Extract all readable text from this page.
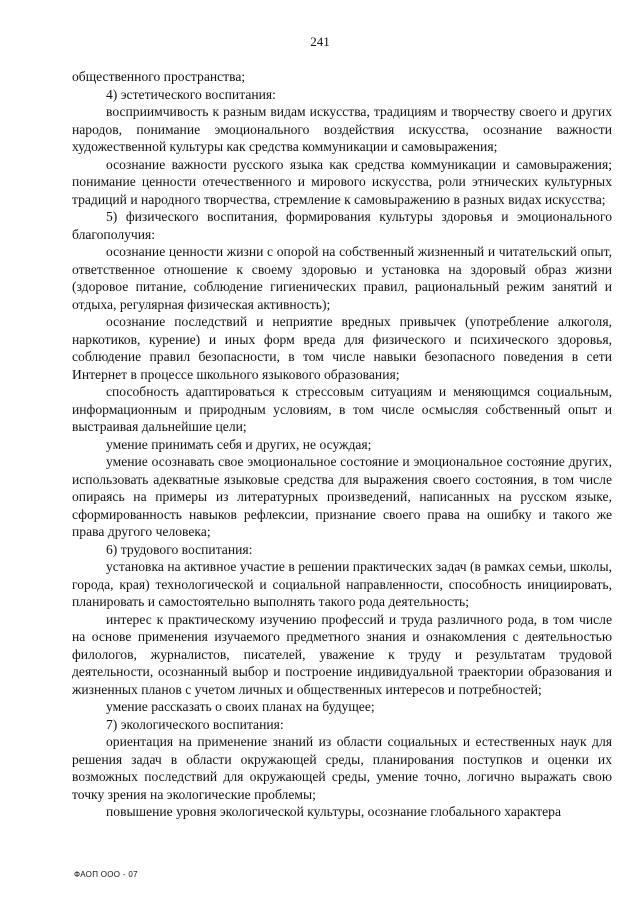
241

общественного пространства;

4) эстетического воспитания:

восприимчивость к разным видам искусства, традициям и творчеству своего и других народов, понимание эмоционального воздействия искусства, осознание важности художественной культуры как средства коммуникации и самовыражения;

осознание важности русского языка как средства коммуникации и самовыражения; понимание ценности отечественного и мирового искусства, роли этнических культурных традиций и народного творчества, стремление к самовыражению в разных видах искусства;

5) физического воспитания, формирования культуры здоровья и эмоционального благополучия:

осознание ценности жизни с опорой на собственный жизненный и читательский опыт, ответственное отношение к своему здоровью и установка на здоровый образ жизни (здоровое питание, соблюдение гигиенических правил, рациональный режим занятий и отдыха, регулярная физическая активность);

осознание последствий и неприятие вредных привычек (употребление алкоголя, наркотиков, курение) и иных форм вреда для физического и психического здоровья, соблюдение правил безопасности, в том числе навыки безопасного поведения в сети Интернет в процессе школьного языкового образования;

способность адаптироваться к стрессовым ситуациям и меняющимся социальным, информационным и природным условиям, в том числе осмысляя собственный опыт и выстраивая дальнейшие цели;

умение принимать себя и других, не осуждая;

умение осознавать свое эмоциональное состояние и эмоциональное состояние других, использовать адекватные языковые средства для выражения своего состояния, в том числе опираясь на примеры из литературных произведений, написанных на русском языке, сформированность навыков рефлексии, признание своего права на ошибку и такого же права другого человека;

6) трудового воспитания:

установка на активное участие в решении практических задач (в рамках семьи, школы, города, края) технологической и социальной направленности, способность инициировать, планировать и самостоятельно выполнять такого рода деятельность;

интерес к практическому изучению профессий и труда различного рода, в том числе на основе применения изучаемого предметного знания и ознакомления с деятельностью филологов, журналистов, писателей, уважение к труду и результатам трудовой деятельности, осознанный выбор и построение индивидуальной траектории образования и жизненных планов с учетом личных и общественных интересов и потребностей;

умение рассказать о своих планах на будущее;

7) экологического воспитания:

ориентация на применение знаний из области социальных и естественных наук для решения задач в области окружающей среды, планирования поступков и оценки их возможных последствий для окружающей среды, умение точно, логично выражать свою точку зрения на экологические проблемы;

повышение уровня экологической культуры, осознание глобального характера

ФАОП ООО - 07
